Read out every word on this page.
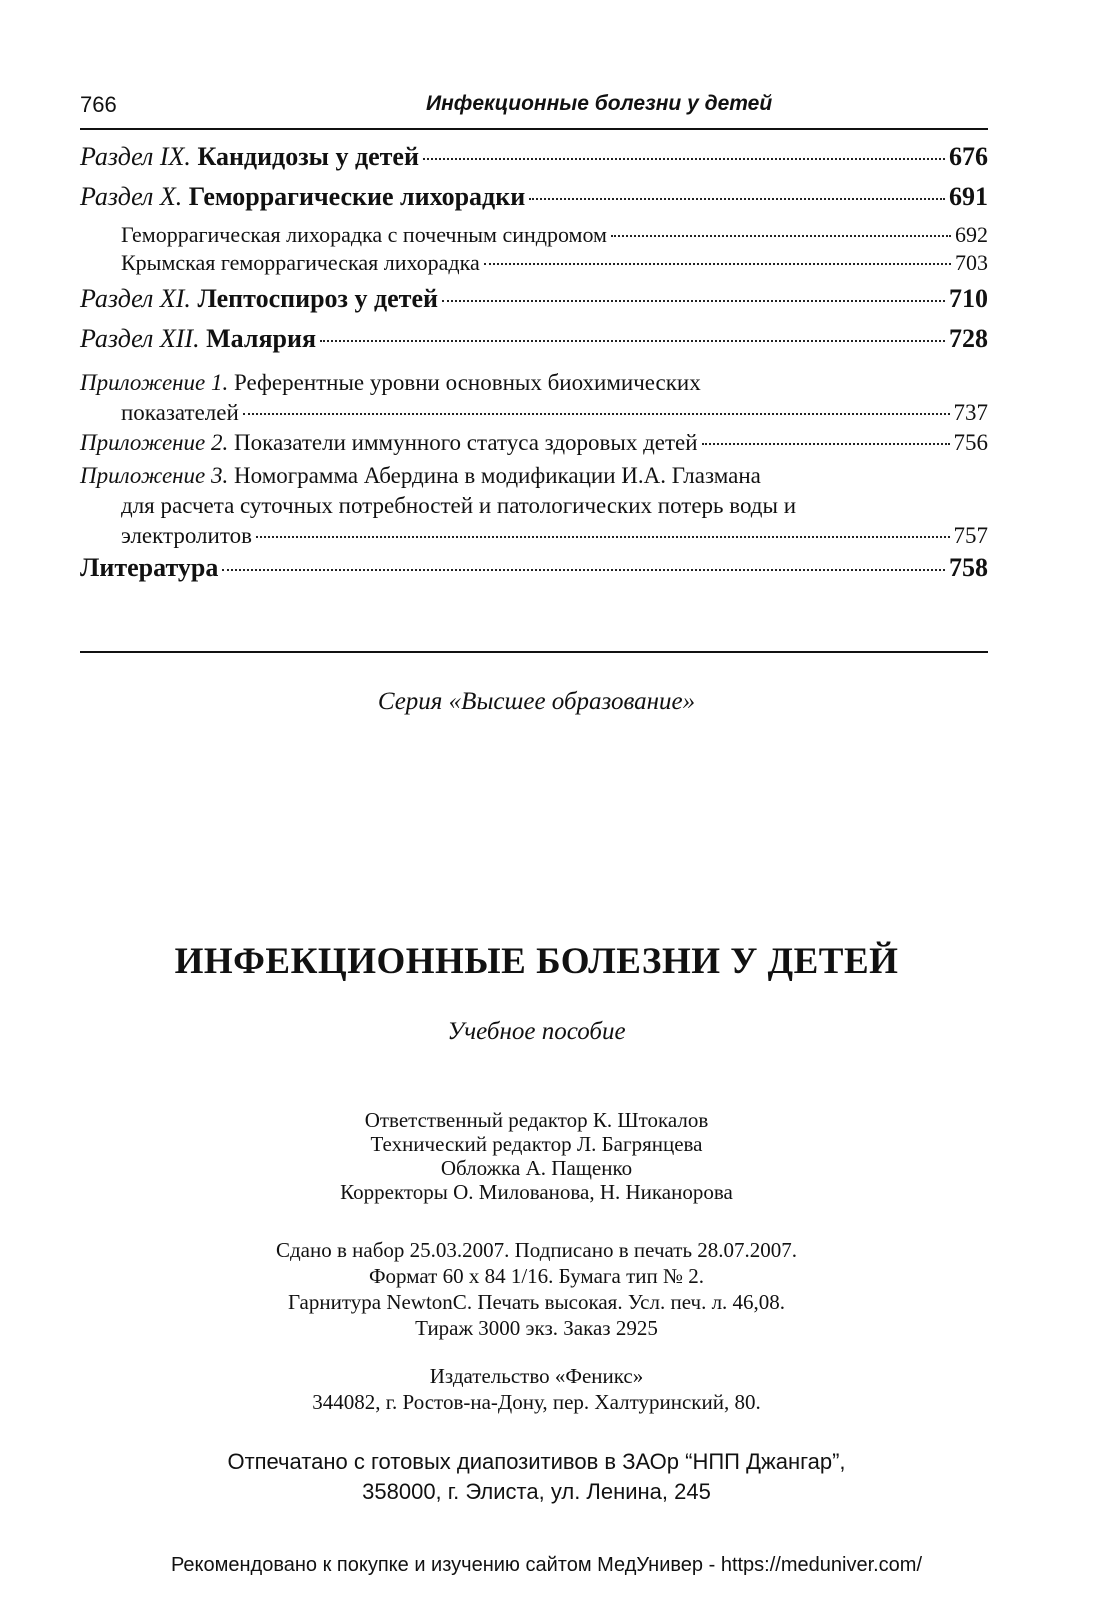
766	Инфекционные болезни у детей
Раздел IX. Кандидозы у детей	676
Раздел X. Геморрагические лихорадки	691
Геморрагическая лихорадка с почечным синдромом	692
Крымская геморрагическая лихорадка	703
Раздел XI. Лептоспироз у детей	710
Раздел XII. Малярия	728
Приложение 1. Референтные уровни основных биохимических
показателей	737
Приложение 2. Показатели иммунного статуса здоровых детей	756
Приложение 3. Номограмма Абердина в модификации И.А. Глазмана
для расчета суточных потребностей и патологических потерь воды и
электролитов	757
Литература	758
Серия «Высшее образование»
ИНФЕКЦИОННЫЕ БОЛЕЗНИ У ДЕТЕЙ
Учебное пособие
Ответственный редактор К. Штокалов
Технический редактор Л. Багрянцева
Обложка А. Пащенко
Корректоры О. Милованова, Н. Никанорова
Сдано в набор 25.03.2007. Подписано в печать 28.07.2007.
Формат 60 х 84 1/16. Бумага тип № 2.
Гарнитура NewtonC. Печать высокая. Усл. печ. л. 46,08.
Тираж 3000 экз. Заказ 2925
Издательство «Феникс»
344082, г. Ростов-на-Дону, пер. Халтуринский, 80.
Отпечатано с готовых диапозитивов в ЗАОр “НПП Джангар”,
358000, г. Элиста, ул. Ленина, 245
Рекомендовано к покупке и изучению сайтом МедУнивер - https://meduniver.com/
